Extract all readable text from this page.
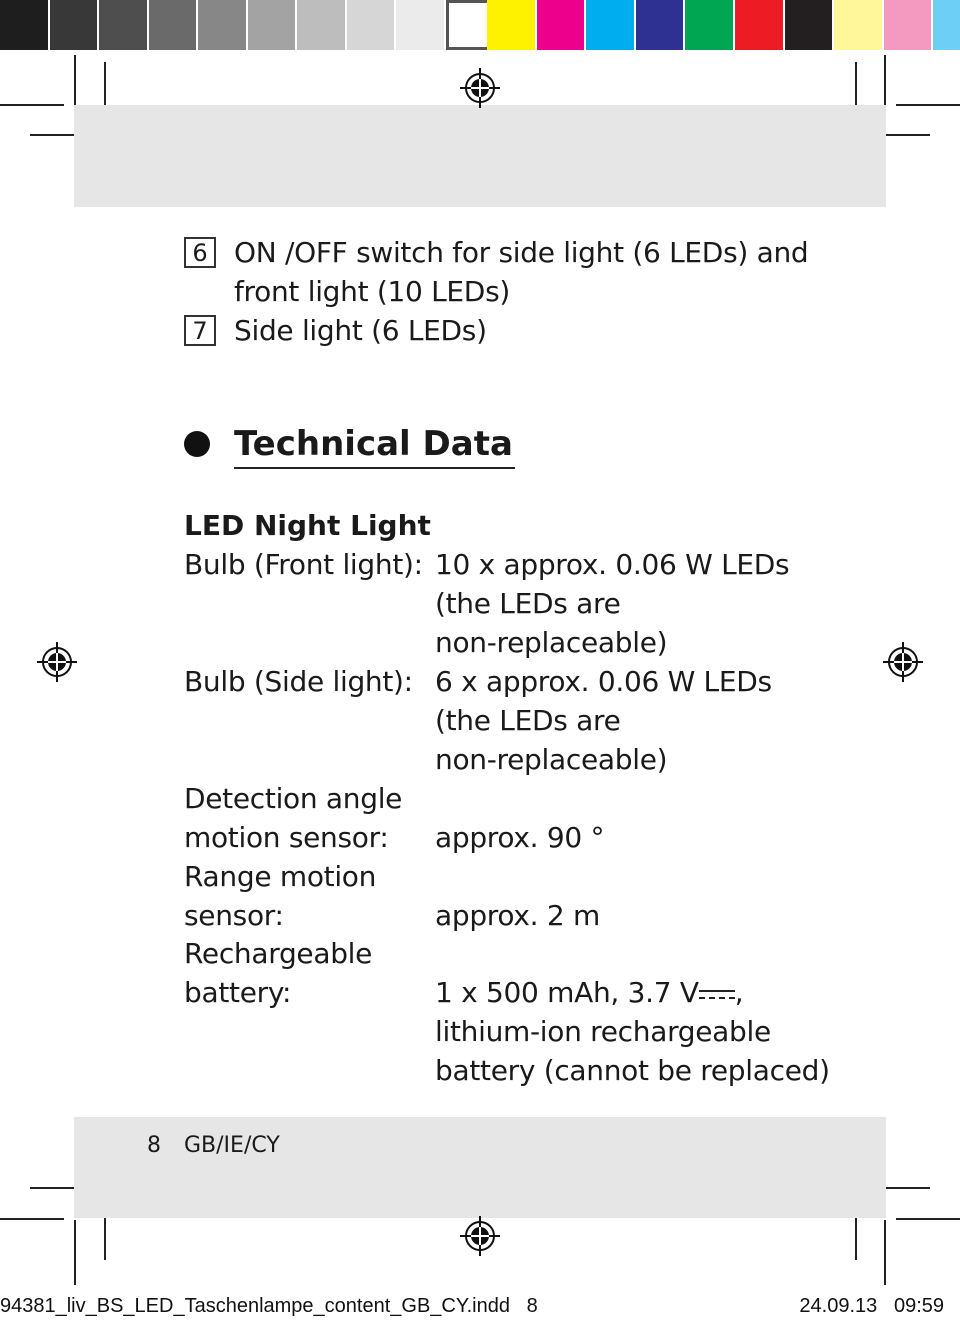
6 ON /OFF switch for side light (6 LEDs) and
front light (10 LEDs)
7 Side light (6 LEDs)
Technical Data
LED Night Light
Bulb (Front light): 10 x approx. 0.06 W LEDs
(the LEDs are
non-replaceable)
Bulb (Side light): 6 x approx. 0.06 W LEDs
(the LEDs are
non-replaceable)
Detection angle
motion sensor: approx. 90 °
Range motion
sensor:	approx. 2 m
Rechargeable
battery:	1 x 500 mAh, 3.7 V ,
lithium-ion rechargeable
battery (cannot be replaced)
8 GB/IE/CY
94381_liv_BS_LED_Taschenlampe_content_GB_CY.indd   8	24.09.13   09:59
